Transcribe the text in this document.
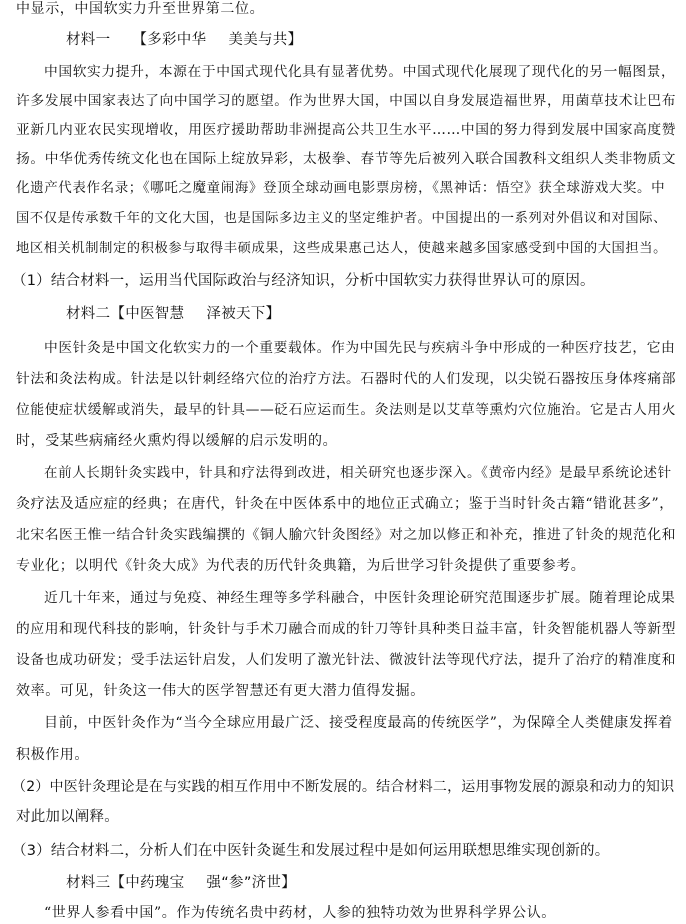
中显示，中国软实力升至世界第二位。
材料一 【多彩中华 美美与共】
中国软实力提升，本源在于中国式现代化具有显著优势。中国式现代化展现了现代化的另一幅图景，
许多发展中国家表达了向中国学习的愿望。作为世界大国，中国以自身发展造福世界，用菌草技术让巴布
亚新几内亚农民实现增收，用医疗援助帮助非洲提高公共卫生水平……中国的努力得到发展中国家高度赞
扬。中华优秀传统文化也在国际上绽放异彩，太极拳、春节等先后被列入联合国教科文组织人类非物质文
化遗产代表作名录；《哪吒之魔童闹海》登顶全球动画电影票房榜，《黑神话：悟空》获全球游戏大奖。中
国不仅是传承数千年的文化大国，也是国际多边主义的坚定维护者。中国提出的一系列对外倡议和对国际、
地区相关机制制定的积极参与取得丰硕成果，这些成果惠己达人，使越来越多国家感受到中国的大国担当。
（1）结合材料一，运用当代国际政治与经济知识，分析中国软实力获得世界认可的原因。
材料二【中医智慧 泽被天下】
中医针灸是中国文化软实力的一个重要载体。作为中国先民与疾病斗争中形成的一种医疗技艺，它由
针法和灸法构成。针法是以针刺经络穴位的治疗方法。石器时代的人们发现，以尖锐石器按压身体疼痛部
位能使症状缓解或消失，最早的针具——砭石应运而生。灸法则是以艾草等熏灼穴位施治。它是古人用火
时，受某些病痛经火熏灼得以缓解的启示发明的。
在前人长期针灸实践中，针具和疗法得到改进，相关研究也逐步深入。《黄帝内经》是最早系统论述针
灸疗法及适应症的经典；在唐代，针灸在中医体系中的地位正式确立；鉴于当时针灸古籍“错讹甚多”，
北宋名医王惟一结合针灸实践编撰的《铜人腧穴针灸图经》对之加以修正和补充，推进了针灸的规范化和
专业化；以明代《针灸大成》为代表的历代针灸典籍，为后世学习针灸提供了重要参考。
近几十年来，通过与免疫、神经生理等多学科融合，中医针灸理论研究范围逐步扩展。随着理论成果
的应用和现代科技的影响，针灸针与手术刀融合而成的针刀等针具种类日益丰富，针灸智能机器人等新型
设备也成功研发；受手法运针启发，人们发明了激光针法、微波针法等现代疗法，提升了治疗的精准度和
效率。可见，针灸这一伟大的医学智慧还有更大潜力值得发掘。
目前，中医针灸作为“当今全球应用最广泛、接受程度最高的传统医学”，为保障全人类健康发挥着
积极作用。
（2）中医针灸理论是在与实践的相互作用中不断发展的。结合材料二，运用事物发展的源泉和动力的知识
对此加以阐释。
（3）结合材料二，分析人们在中医针灸诞生和发展过程中是如何运用联想思维实现创新的。
材料三【中药瑰宝 强“参”济世】
“世界人参看中国”。作为传统名贵中药材，人参的独特功效为世界科学界公认。
